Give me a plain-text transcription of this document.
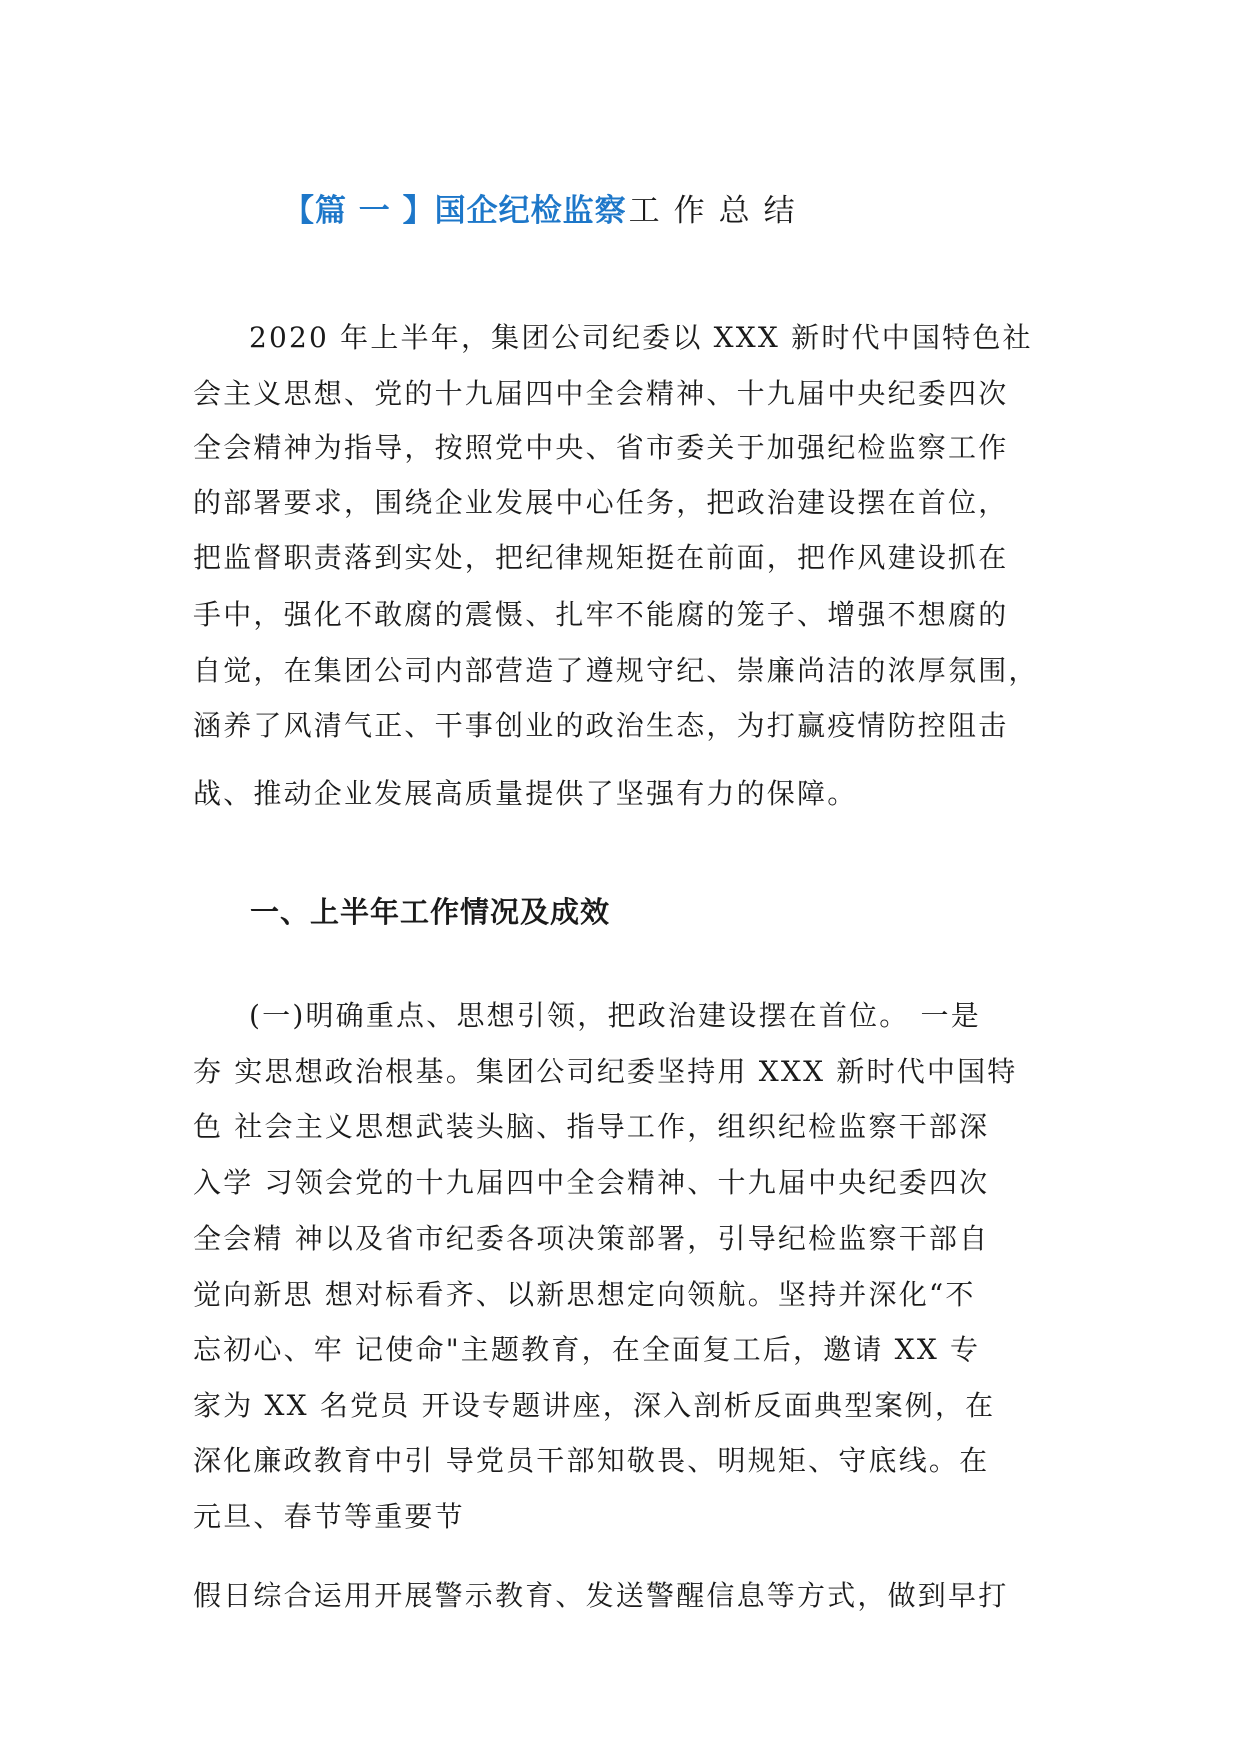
【篇 一 】国企纪检监察工作总结
2020 年上半年，集团公司纪委以 XXX 新时代中国特色社
会主义思想、党的十九届四中全会精神、十九届中央纪委四次
全会精神为指导，按照党中央、省市委关于加强纪检监察工作
的部署要求，围绕企业发展中心任务，把政治建设摆在首位，
把监督职责落到实处，把纪律规矩挺在前面，把作风建设抓在
手中，强化不敢腐的震慑、扎牢不能腐的笼子、增强不想腐的
自觉，在集团公司内部营造了遵规守纪、崇廉尚洁的浓厚氛围，
涵养了风清气正、干事创业的政治生态，为打赢疫情防控阻击
战、推动企业发展高质量提供了坚强有力的保障。
一、上半年工作情况及成效
(一)明确重点、思想引领，把政治建设摆在首位。 一是
夯 实思想政治根基。集团公司纪委坚持用 XXX 新时代中国特
色 社会主义思想武装头脑、指导工作，组织纪检监察干部深
入学 习领会党的十九届四中全会精神、十九届中央纪委四次
全会精 神以及省市纪委各项决策部署，引导纪检监察干部自
觉向新思 想对标看齐、以新思想定向领航。坚持并深化“不
忘初心、牢 记使命"主题教育，在全面复工后，邀请 XX 专
家为 XX 名党员 开设专题讲座，深入剖析反面典型案例，在
深化廉政教育中引 导党员干部知敬畏、明规矩、守底线。在
元旦、春节等重要节
假日综合运用开展警示教育、发送警醒信息等方式，做到早打
